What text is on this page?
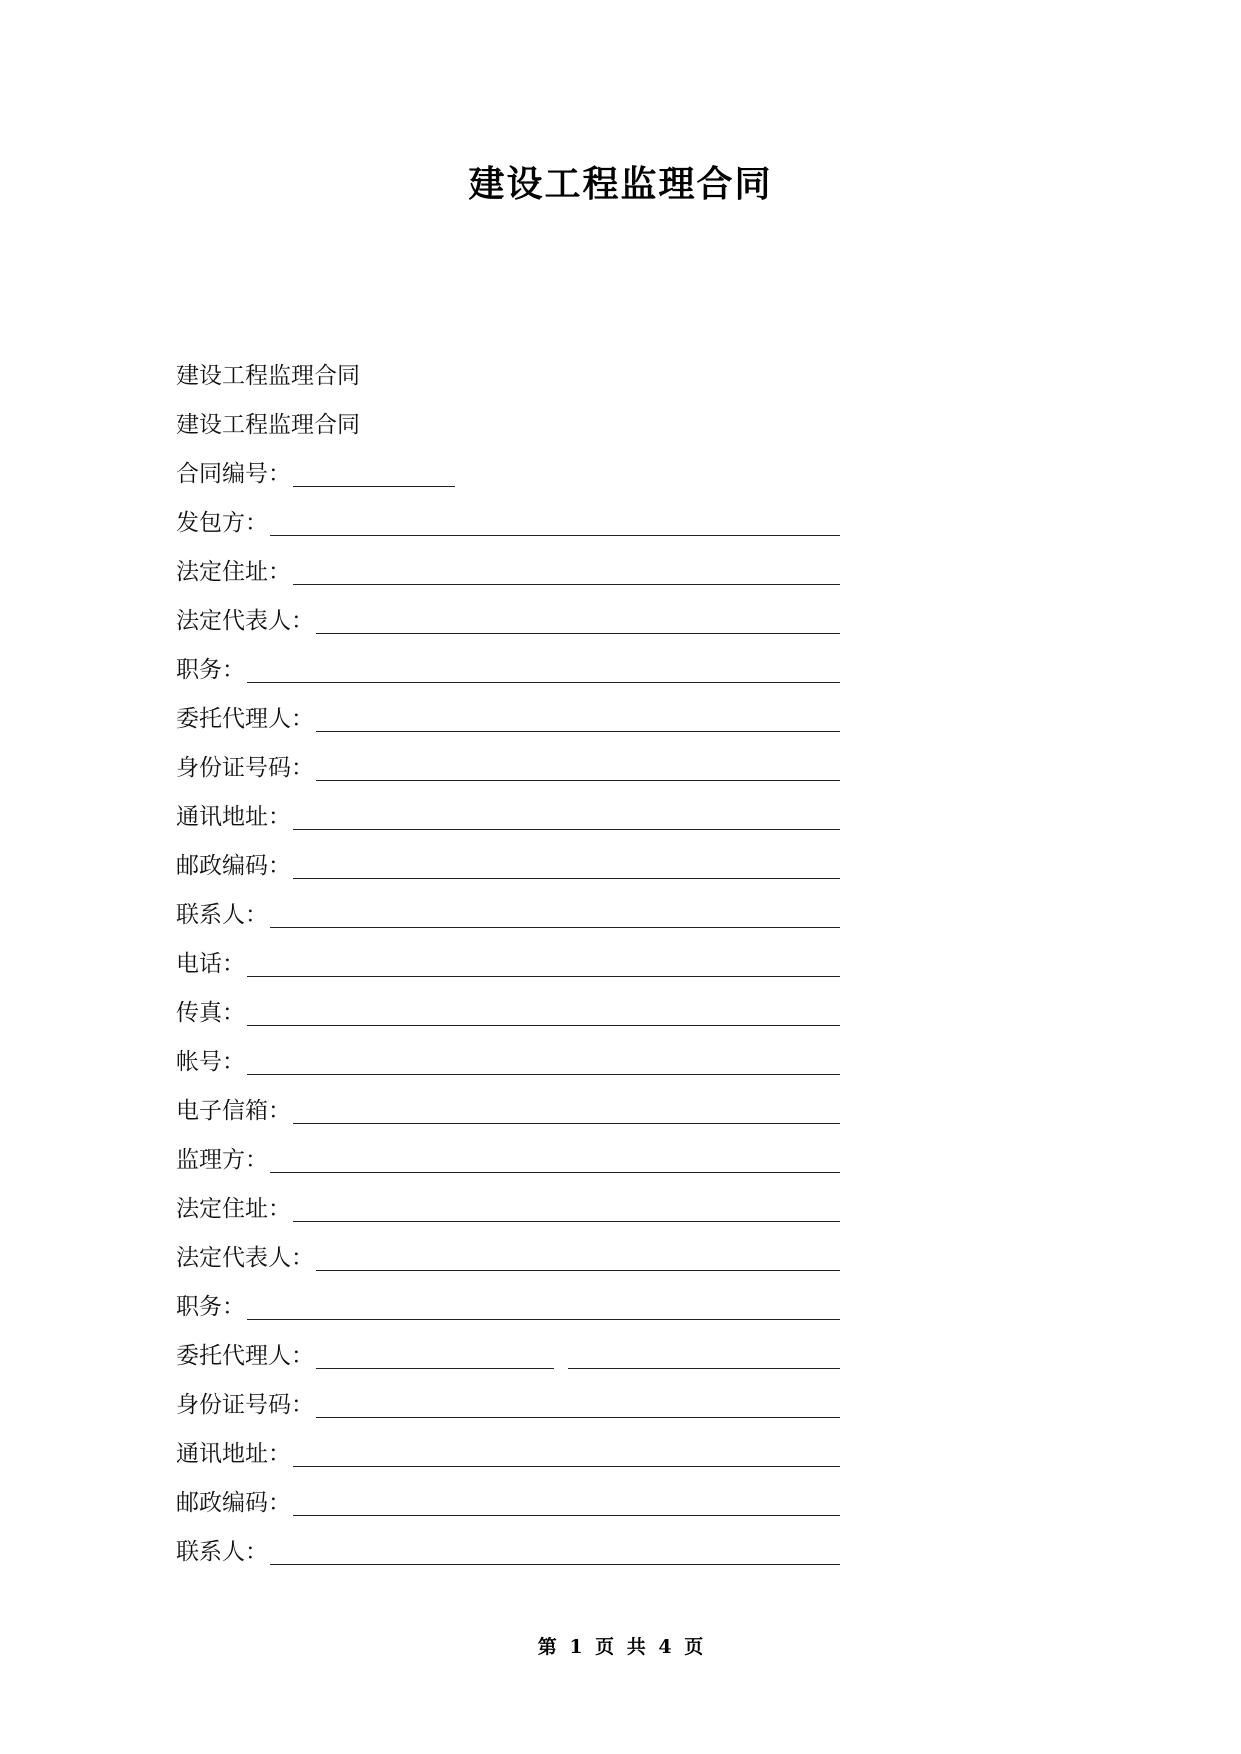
建设工程监理合同
建设工程监理合同
建设工程监理合同
合同编号：
发包方：
法定住址：
法定代表人：
职务：
委托代理人：
身份证号码：
通讯地址：
邮政编码：
联系人：
电话：
传真：
帐号：
电子信箱：
监理方：
法定住址：
法定代表人：
职务：
委托代理人：
身份证号码：
通讯地址：
邮政编码：
联系人：
第 1 页 共 4 页
